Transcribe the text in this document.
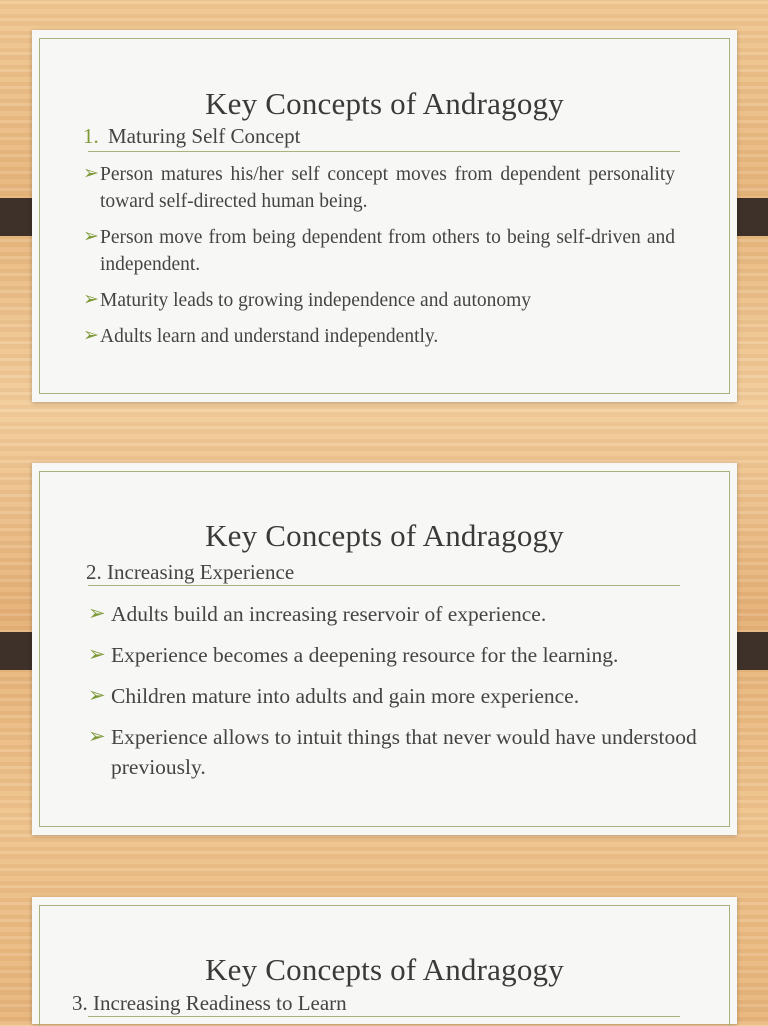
Key Concepts of Andragogy
1. Maturing Self Concept
➢ Person matures his/her self concept moves from dependent personality toward self-directed human being.
➢ Person move from being dependent from others to being self-driven and independent.
➢ Maturity leads to growing independence and autonomy
➢ Adults learn and understand independently.
Key Concepts of Andragogy
2. Increasing Experience
➢ Adults build an increasing reservoir of experience.
➢ Experience becomes a deepening resource for the learning.
➢ Children mature into adults and gain more experience.
➢ Experience allows to intuit things that never would have understood previously.
Key Concepts of Andragogy
3. Increasing Readiness to Learn
